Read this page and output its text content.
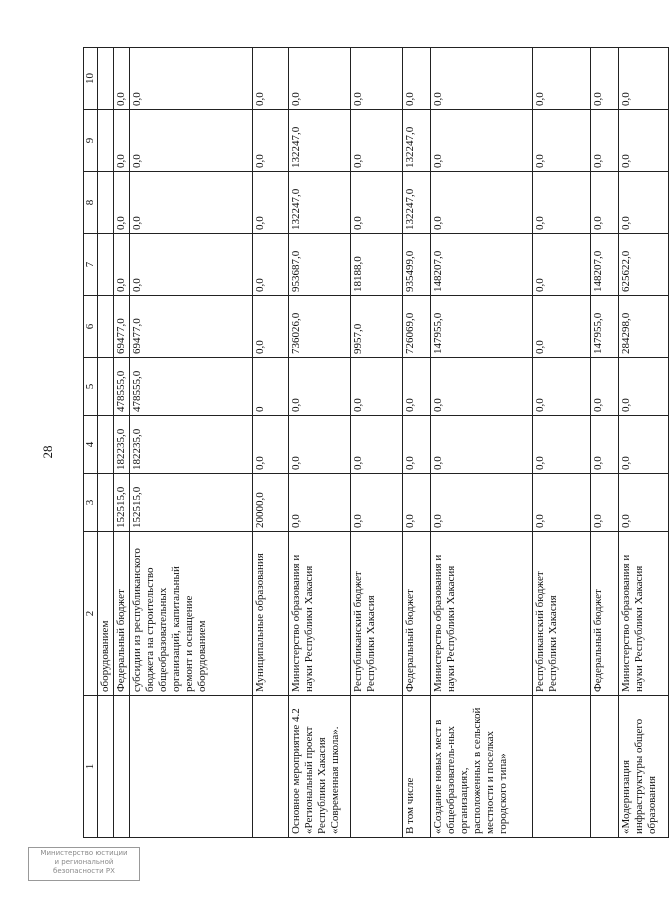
28
1	2	3	4	5	6	7	8	9	10
	оборудованием								
	Федеральный бюджет	152515,0	182235,0	478555,0	69477,0	0,0	0,0	0,0	0,0
	субсидии из республиканского бюджета на строительство общеобразовательных организаций, капитальный ремонт и оснащение оборудованием	152515,0	182235,0	478555,0	69477,0	0,0	0,0	0,0	0,0
	Муниципальные образования	20000,0	0,0	0	0,0	0,0	0,0	0,0	0,0
Основное мероприятие 4.2 «Региональный проект Республики Хакасия «Современная школа».	Министерство образования и науки Республики Хакасия	0,0	0,0	0,0	736026,0	953687,0	132247,0	132247,0	0,0
	Республиканский бюджет Республики Хакасия	0,0	0,0	0,0	9957,0	18188,0	0,0	0,0	0,0
В том числе	Федеральный бюджет	0,0	0,0	0,0	726069,0	935499,0	132247,0	132247,0	0,0
«Создание новых мест в общеобразователь-ных организациях, расположенных в сельской местности и поселках городского типа»	Министерство образования и науки Республики Хакасия	0,0	0,0	0,0	147955,0	148207,0	0,0	0,0	0,0
	Республиканский бюджет Республики Хакасия	0,0	0,0	0,0	0,0	0,0	0,0	0,0	0,0
	Федеральный бюджет	0,0	0,0	0,0	147955,0	148207,0	0,0	0,0	0,0
«Модернизация инфраструктуры общего образования	Министерство образования и науки Республики Хакасия	0,0	0,0	0,0	284298,0	625622,0	0,0	0,0	0,0
Министерство юстиции
и региональной
безопасности РХ
